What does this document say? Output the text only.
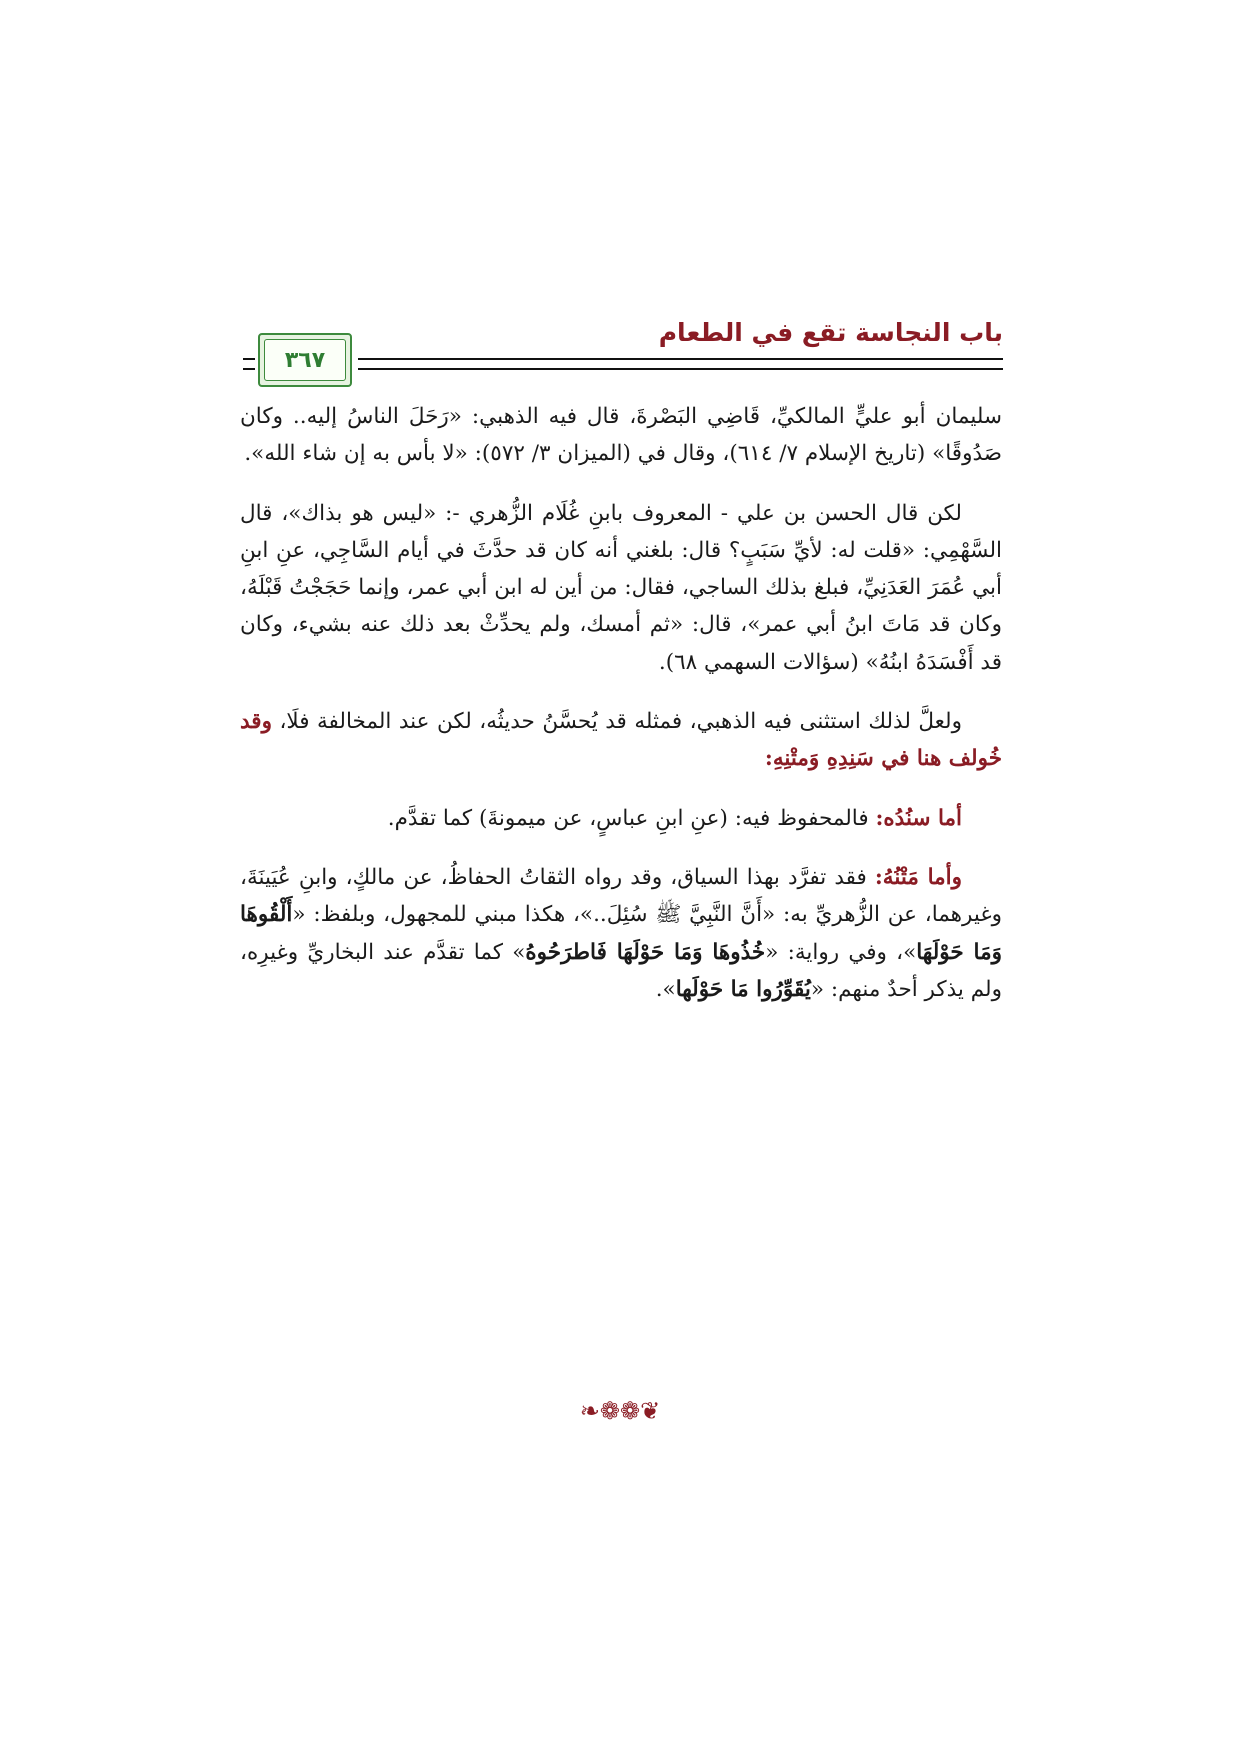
باب النجاسة تقع في الطعام
٣٦٧

سليمان أبو عليٍّ المالكيِّ، قَاضِي البَصْرةَ، قال فيه الذهبي: «رَحَلَ الناسُ إليه.. وكان صَدُوقًا» (تاريخ الإسلام ٧/ ٦١٤)، وقال في (الميزان ٣/ ٥٧٢): «لا بأس به إن شاء الله».

لكن قال الحسن بن علي - المعروف بابنِ غُلَام الزُّهري -: «ليس هو بذاك»، قال السَّهْمِي: «قلت له: لأيِّ سَبَبٍ؟ قال: بلغني أنه كان قد حدَّثَ في أيام السَّاجِي، عنِ ابنِ أبي عُمَرَ العَدَنِيِّ، فبلغ بذلك الساجي، فقال: من أين له ابن أبي عمر، وإنما حَجَجْتُ قَبْلَهُ، وكان قد مَاتَ ابنُ أبي عمر»، قال: «ثم أمسك، ولم يحدِّثْ بعد ذلك عنه بشيء، وكان قد أَفْسَدَهُ ابنُهُ» (سؤالات السهمي ٦٨).

ولعلَّ لذلك استثنى فيه الذهبي، فمثله قد يُحسَّنُ حديثُه، لكن عند المخالفة فلَا، وقد خُولف هنا في سَنِدِهِ وَمتْنِهِ:

أما سنُدُه: فالمحفوظ فيه: (عنِ ابنِ عباسٍ، عن ميمونةَ) كما تقدَّم.

وأما مَتْنُهُ: فقد تفرَّد بهذا السياق، وقد رواه الثقاتُ الحفاظُ، عن مالكٍ، وابنِ عُيَينَةَ، وغيرهما، عن الزُّهريِّ به: «أَنَّ النَّبِيَّ ﷺ سُئِلَ..»، هكذا مبني للمجهول، وبلفظ: «أَلْقُوهَا وَمَا حَوْلَهَا»، وفي رواية: «خُذُوهَا وَمَا حَوْلَهَا فَاطرَحُوهُ» كما تقدَّم عند البخاريِّ وغيرِه، ولم يذكر أحدٌ منهم: «يُقَوِّرُوا مَا حَوْلَها».

❦❁❁❧
